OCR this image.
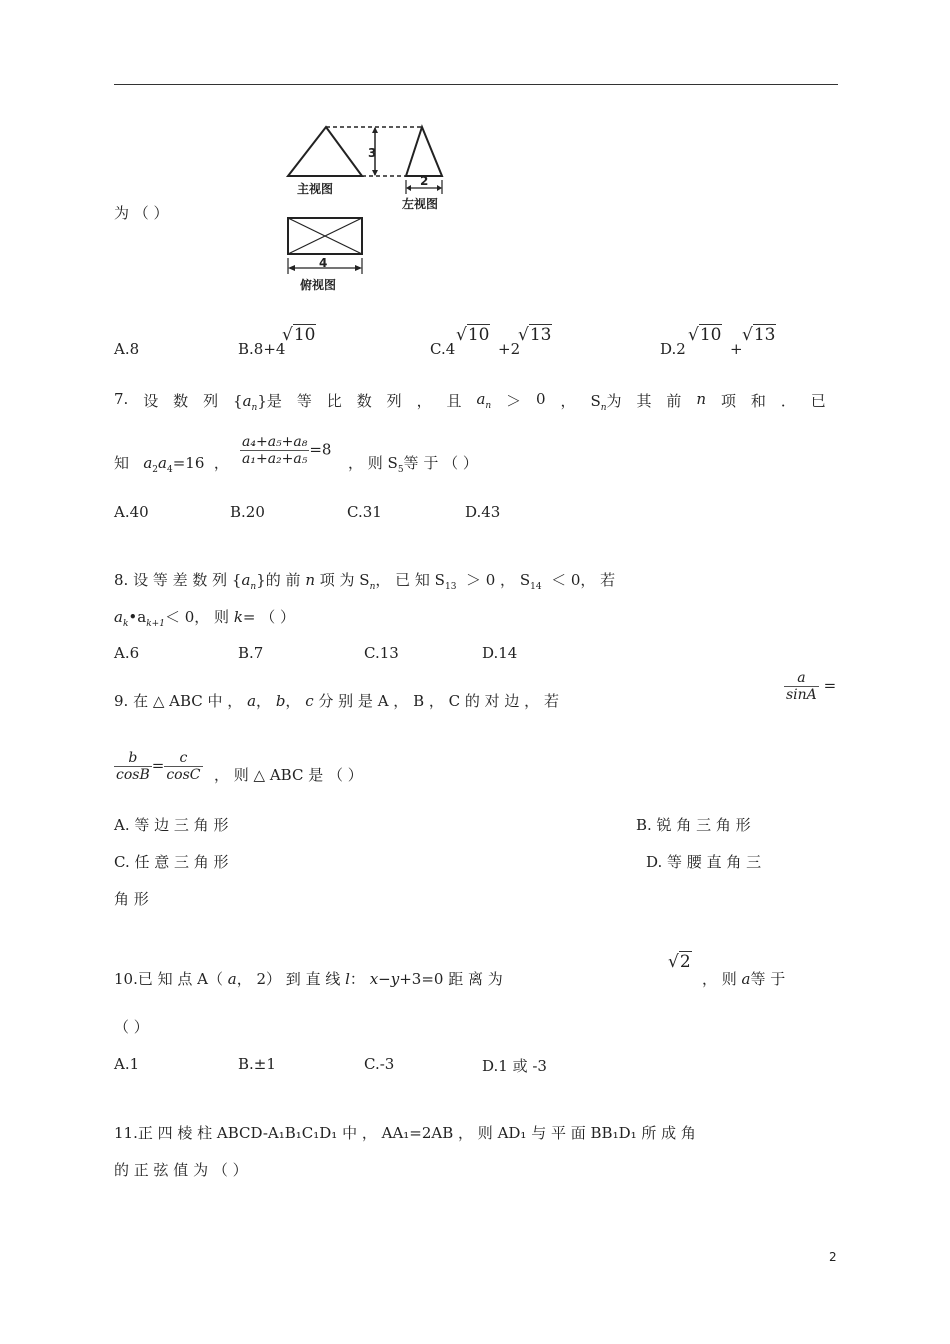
3
2
4
主视图
左视图
俯视图
为 （ ）
A.8	B.8+4
√10
C.4
√10
+2
√13
D.2
√10
+
√13
7. 设 数 列 $\{a_n\}$是 等 比 数 列 ， 且 $a_n > 0$ ， $S_n$为 其 前 n 项 和 ． 已
知 $a_2a_4=16$ ， $\frac{\text{a₄+a₅+a₈}}{\text{a₁+a₂+a₅}} =8$
， 则 $S_5$等 于 （ ）
A.40	B.20	C.31	D.43
8. 设 等 差 数 列 $\{a_n\}$的 前 n 项 为 $S_n$， 已 知 $S_{13} > 0$ ， $S_{14} < 0$， 若
$a_k•a_{k+1}< 0$， 则 k= （ ）
A.6	B.7	C.13	D.14
9. 在 △ ABC 中 ， a， b， c 分 别 是 A ， B ， C 的 对 边 ， 若	$\frac{a}{\sin A}$ =
$\frac{b}{\cos B} = \frac{c}{\cos C}$ ， 则 △ ABC 是 （ ）
A. 等 边 三 角 形	B. 锐 角 三 角 形
C. 任 意 三 角 形	D. 等 腰 直 角 三
角 形
10.已 知 点 A（ a， 2） 到 直 线 l： x−y+3=0 距 离 为
√2
， 则 a等 于
（ ）
A.1	B.±1	C.-3	D.1 或 -3
11.正 四 棱 柱 ABCD-A₁B₁C₁D₁ 中 ， AA₁=2AB ， 则 AD₁ 与 平 面 BB₁D₁ 所 成 角
的 正 弦 值 为 （ ）
2
